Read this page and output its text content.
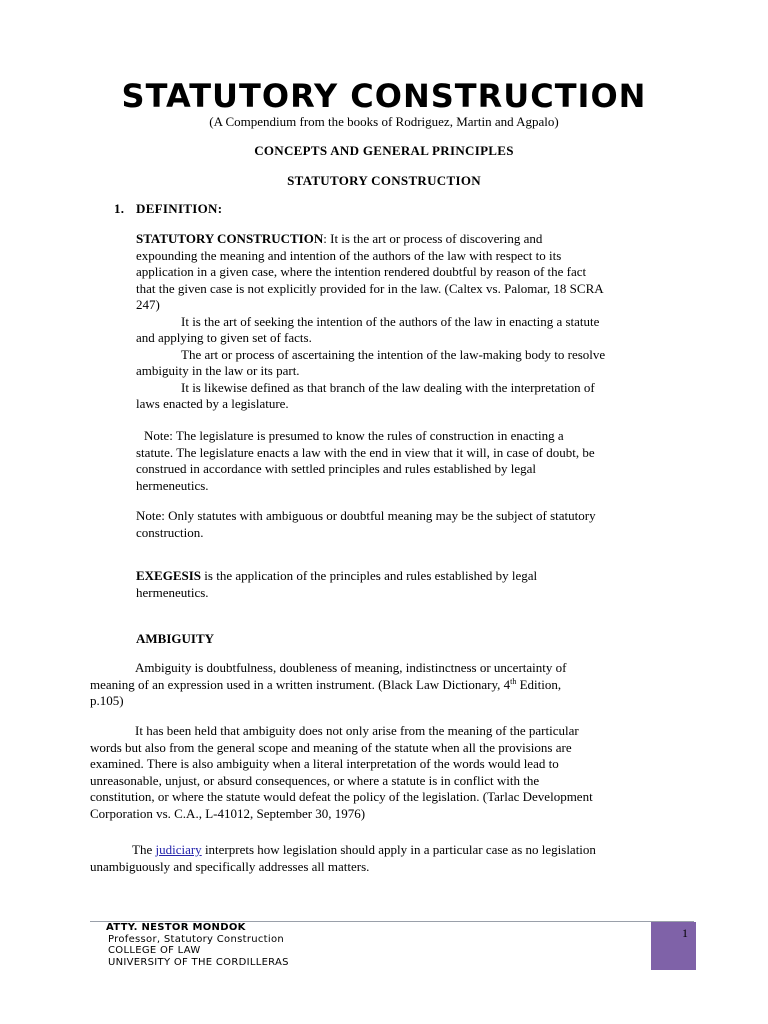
STATUTORY CONSTRUCTION
(A Compendium from the books of Rodriguez, Martin and Agpalo)
CONCEPTS AND GENERAL PRINCIPLES
STATUTORY CONSTRUCTION
1. DEFINITION:
STATUTORY CONSTRUCTION: It is the art or process of discovering and
expounding the meaning and intention of the authors of the law with respect to its
application in a given case, where the intention rendered doubtful by reason of the fact
that the given case is not explicitly provided for in the law. (Caltex vs. Palomar, 18 SCRA
247)
It is the art of seeking the intention of the authors of the law in enacting a statute
and applying to given set of facts.
The art or process of ascertaining the intention of the law-making body to resolve
ambiguity in the law or its part.
It is likewise defined as that branch of the law dealing with the interpretation of
laws enacted by a legislature.
Note: The legislature is presumed to know the rules of construction in enacting a
statute. The legislature enacts a law with the end in view that it will, in case of doubt, be
construed in accordance with settled principles and rules established by legal
hermeneutics.
Note: Only statutes with ambiguous or doubtful meaning may be the subject of statutory
construction.
EXEGESIS is the application of the principles and rules established by legal
hermeneutics.
AMBIGUITY
Ambiguity is doubtfulness, doubleness of meaning, indistinctness or uncertainty of
meaning of an expression used in a written instrument. (Black Law Dictionary, 4th Edition,
p.105)
It has been held that ambiguity does not only arise from the meaning of the particular
words but also from the general scope and meaning of the statute when all the provisions are
examined. There is also ambiguity when a literal interpretation of the words would lead to
unreasonable, unjust, or absurd consequences, or where a statute is in conflict with the
constitution, or where the statute would defeat the policy of the legislation. (Tarlac Development
Corporation vs. C.A., L-41012, September 30, 1976)
The judiciary interprets how legislation should apply in a particular case as no legislation
unambiguously and specifically addresses all matters.
ATTY. NESTOR MONDOK
Professor, Statutory Construction
COLLEGE OF LAW
UNIVERSITY OF THE CORDILLERAS
1
